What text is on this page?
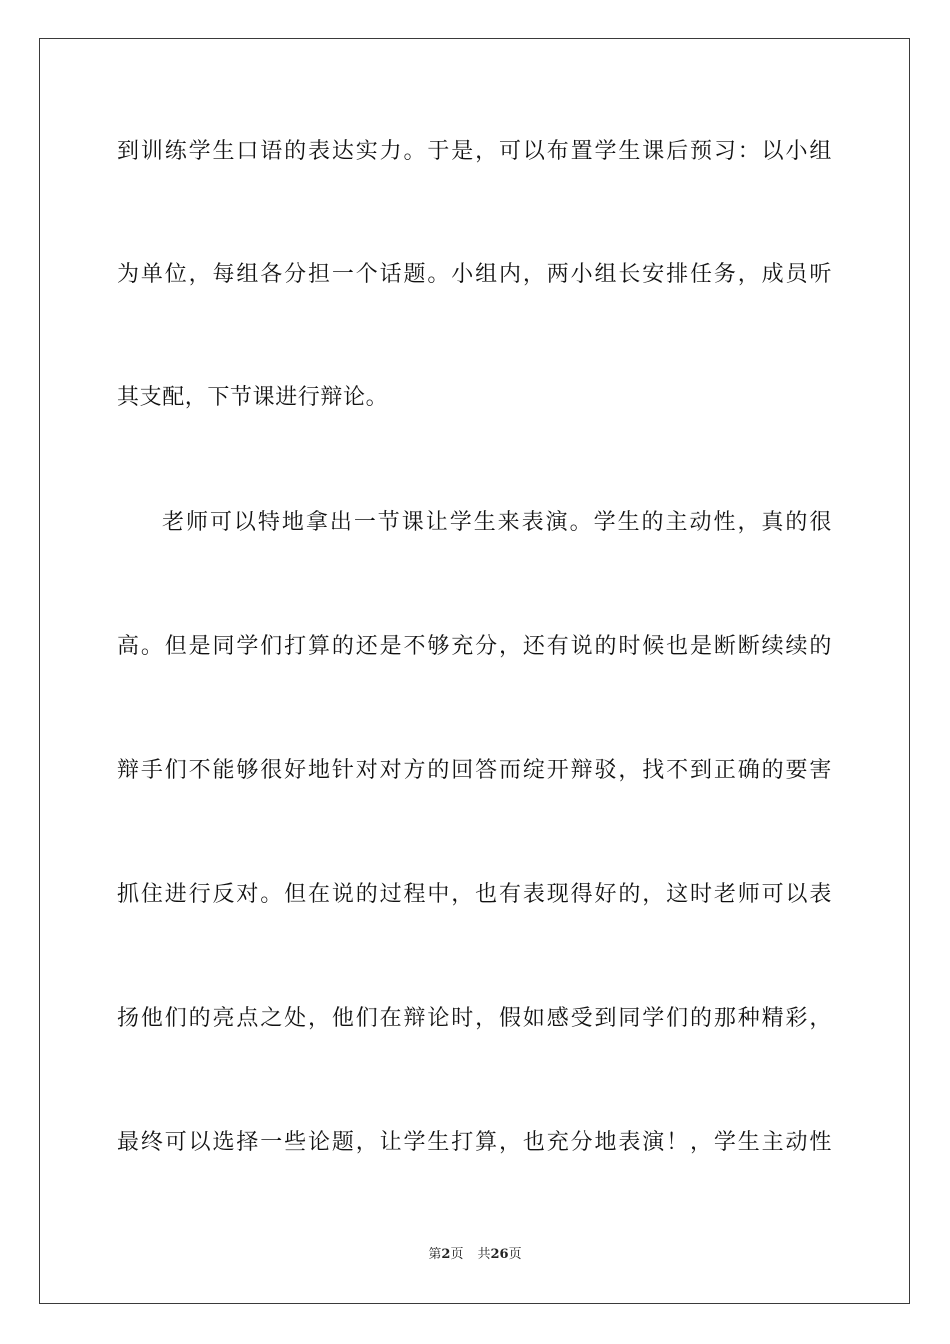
到训练学生口语的表达实力。于是，可以布置学生课后预习：以小组
为单位，每组各分担一个话题。小组内，两小组长安排任务，成员听
其支配，下节课进行辩论。
老师可以特地拿出一节课让学生来表演。学生的主动性，真的很
高。但是同学们打算的还是不够充分，还有说的时候也是断断续续的
辩手们不能够很好地针对对方的回答而绽开辩驳，找不到正确的要害
抓住进行反对。但在说的过程中，也有表现得好的，这时老师可以表
扬他们的亮点之处，他们在辩论时，假如感受到同学们的那种精彩，
最终可以选择一些论题，让学生打算，也充分地表演！，学生主动性
第2页 共26页
